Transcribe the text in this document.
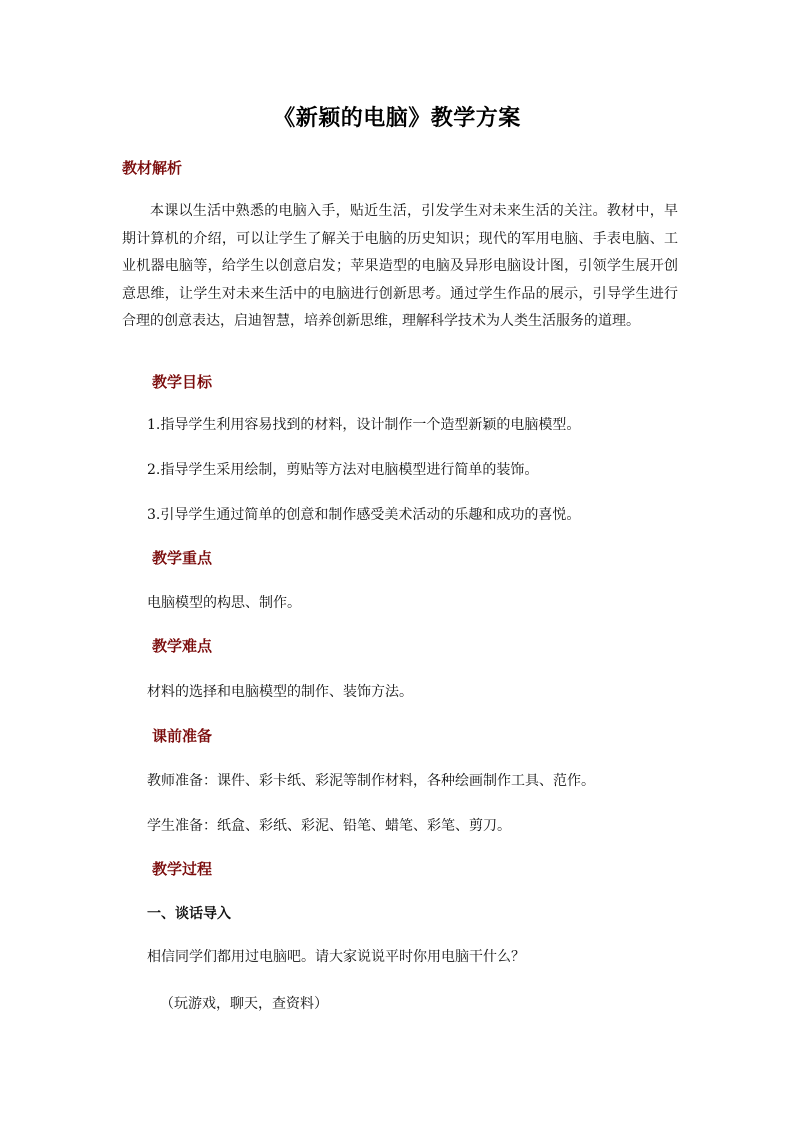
《新颖的电脑》教学方案
教材解析
本课以生活中熟悉的电脑入手，贴近生活，引发学生对未来生活的关注。教材中，早期计算机的介绍，可以让学生了解关于电脑的历史知识；现代的军用电脑、手表电脑、工业机器电脑等，给学生以创意启发；苹果造型的电脑及异形电脑设计图，引领学生展开创意思维，让学生对未来生活中的电脑进行创新思考。通过学生作品的展示，引导学生进行合理的创意表达，启迪智慧，培养创新思维，理解科学技术为人类生活服务的道理。
教学目标
1.指导学生利用容易找到的材料，设计制作一个造型新颖的电脑模型。
2.指导学生采用绘制，剪贴等方法对电脑模型进行简单的装饰。
3.引导学生通过简单的创意和制作感受美术活动的乐趣和成功的喜悦。
教学重点
电脑模型的构思、制作。
教学难点
材料的选择和电脑模型的制作、装饰方法。
课前准备
教师准备：课件、彩卡纸、彩泥等制作材料，各种绘画制作工具、范作。
学生准备：纸盒、彩纸、彩泥、铅笔、蜡笔、彩笔、剪刀。
教学过程
一、谈话导入
相信同学们都用过电脑吧。请大家说说平时你用电脑干什么？
（玩游戏，聊天，查资料）
